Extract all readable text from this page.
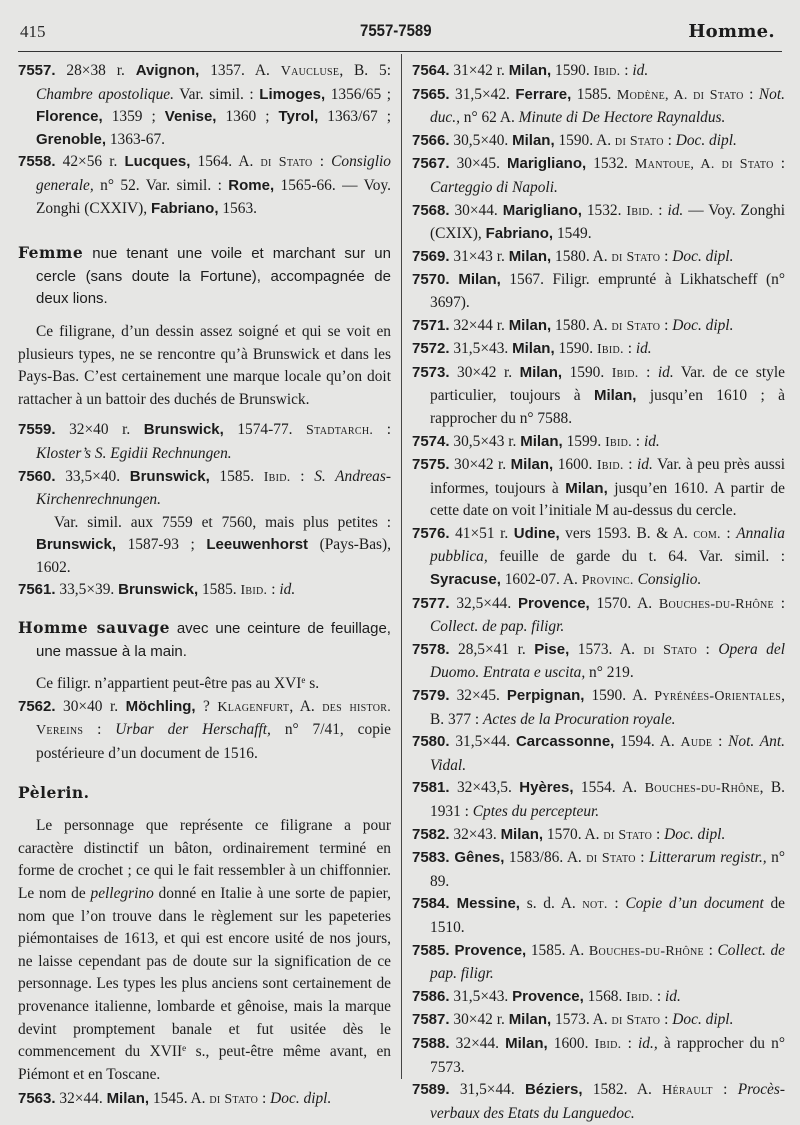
415	7557-7589	Homme.

7557. 28×38 r. Avignon, 1357. A. Vaucluse, B. 5: Chambre apostolique. Var. simil. : Limoges, 1356/65 ; Florence, 1359 ; Venise, 1360 ; Tyrol, 1363/67 ; Grenoble, 1363-67.

7558. 42×56 r. Lucques, 1564. A. di Stato : Consiglio generale, n° 52. Var. simil. : Rome, 1565-66. — Voy. Zonghi (CXXIV), Fabriano, 1563.

Femme nue tenant une voile et marchant sur un cercle (sans doute la Fortune), accompagnée de deux lions.

Ce filigrane, d’un dessin assez soigné et qui se voit en plusieurs types, ne se rencontre qu’à Brunswick et dans les Pays-Bas. C’est certainement une marque locale qu’on doit rattacher à un battoir des duchés de Brunswick.

7559. 32×40 r. Brunswick, 1574-77. Stadtarch. : Kloster’s S. Egidii Rechnungen.

7560. 33,5×40. Brunswick, 1585. Ibid. : S. Andreas-Kirchenrechnungen.

Var. simil. aux 7559 et 7560, mais plus petites : Brunswick, 1587-93 ; Leeuwenhorst (Pays-Bas), 1602.

7561. 33,5×39. Brunswick, 1585. Ibid. : id.

Homme sauvage avec une ceinture de feuillage, une massue à la main.

Ce filigr. n’appartient peut-être pas au XVIe s.

7562. 30×40 r. Möchling, ? Klagenfurt, A. des histor. Vereins : Urbar der Herschafft, n° 7/41, copie postérieure d’un document de 1516.

Pèlerin.

Le personnage que représente ce filigrane a pour caractère distinctif un bâton, ordinairement terminé en forme de crochet ; ce qui le fait ressembler à un chiffonnier. Le nom de pellegrino donné en Italie à une sorte de papier, nom que l’on trouve dans le règlement sur les papeteries piémontaises de 1613, et qui est encore usité de nos jours, ne laisse cependant pas de doute sur la signification de ce personnage. Les types les plus anciens sont certainement de provenance italienne, lombarde et gênoise, mais la marque devint promptement banale et fut usitée dès le commencement du XVIIe s., peut-être même avant, en Piémont et en Toscane.

7563. 32×44. Milan, 1545. A. di Stato : Doc. dipl.

7564. 31×42 r. Milan, 1590. Ibid. : id.

7565. 31,5×42. Ferrare, 1585. Modène, A. di Stato : Not. duc., n° 62 A. Minute di De Hectore Raynaldus.

7566. 30,5×40. Milan, 1590. A. di Stato : Doc. dipl.

7567. 30×45. Marigliano, 1532. Mantoue, A. di Stato : Carteggio di Napoli.

7568. 30×44. Marigliano, 1532. Ibid. : id. — Voy. Zonghi (CXIX), Fabriano, 1549.

7569. 31×43 r. Milan, 1580. A. di Stato : Doc. dipl.

7570. Milan, 1567. Filigr. emprunté à Likhatscheff (n° 3697).

7571. 32×44 r. Milan, 1580. A. di Stato : Doc. dipl.

7572. 31,5×43. Milan, 1590. Ibid. : id.

7573. 30×42 r. Milan, 1590. Ibid. : id. Var. de ce style particulier, toujours à Milan, jusqu’en 1610 ; à rapprocher du n° 7588.

7574. 30,5×43 r. Milan, 1599. Ibid. : id.

7575. 30×42 r. Milan, 1600. Ibid. : id. Var. à peu près aussi informes, toujours à Milan, jusqu’en 1610. A partir de cette date on voit l’initiale M au-dessus du cercle.

7576. 41×51 r. Udine, vers 1593. B. & A. com. : Annalia pubblica, feuille de garde du t. 64. Var. simil. : Syracuse, 1602-07. A. Provinc. Consiglio.

7577. 32,5×44. Provence, 1570. A. Bouches-du-Rhône : Collect. de pap. filigr.

7578. 28,5×41 r. Pise, 1573. A. di Stato : Opera del Duomo. Entrata e uscita, n° 219.

7579. 32×45. Perpignan, 1590. A. Pyrénées-Orientales, B. 377 : Actes de la Procuration royale.

7580. 31,5×44. Carcassonne, 1594. A. Aude : Not. Ant. Vidal.

7581. 32×43,5. Hyères, 1554. A. Bouches-du-Rhône, B. 1931 : Cptes du percepteur.

7582. 32×43. Milan, 1570. A. di Stato : Doc. dipl.

7583. Gênes, 1583/86. A. di Stato : Litterarum registr., n° 89.

7584. Messine, s. d. A. not. : Copie d’un document de 1510.

7585. Provence, 1585. A. Bouches-du-Rhône : Collect. de pap. filigr.

7586. 31,5×43. Provence, 1568. Ibid. : id.

7587. 30×42 r. Milan, 1573. A. di Stato : Doc. dipl.

7588. 32×44. Milan, 1600. Ibid. : id., à rapprocher du n° 7573.

7589. 31,5×44. Béziers, 1582. A. Hérault : Procès-verbaux des Etats du Languedoc.
